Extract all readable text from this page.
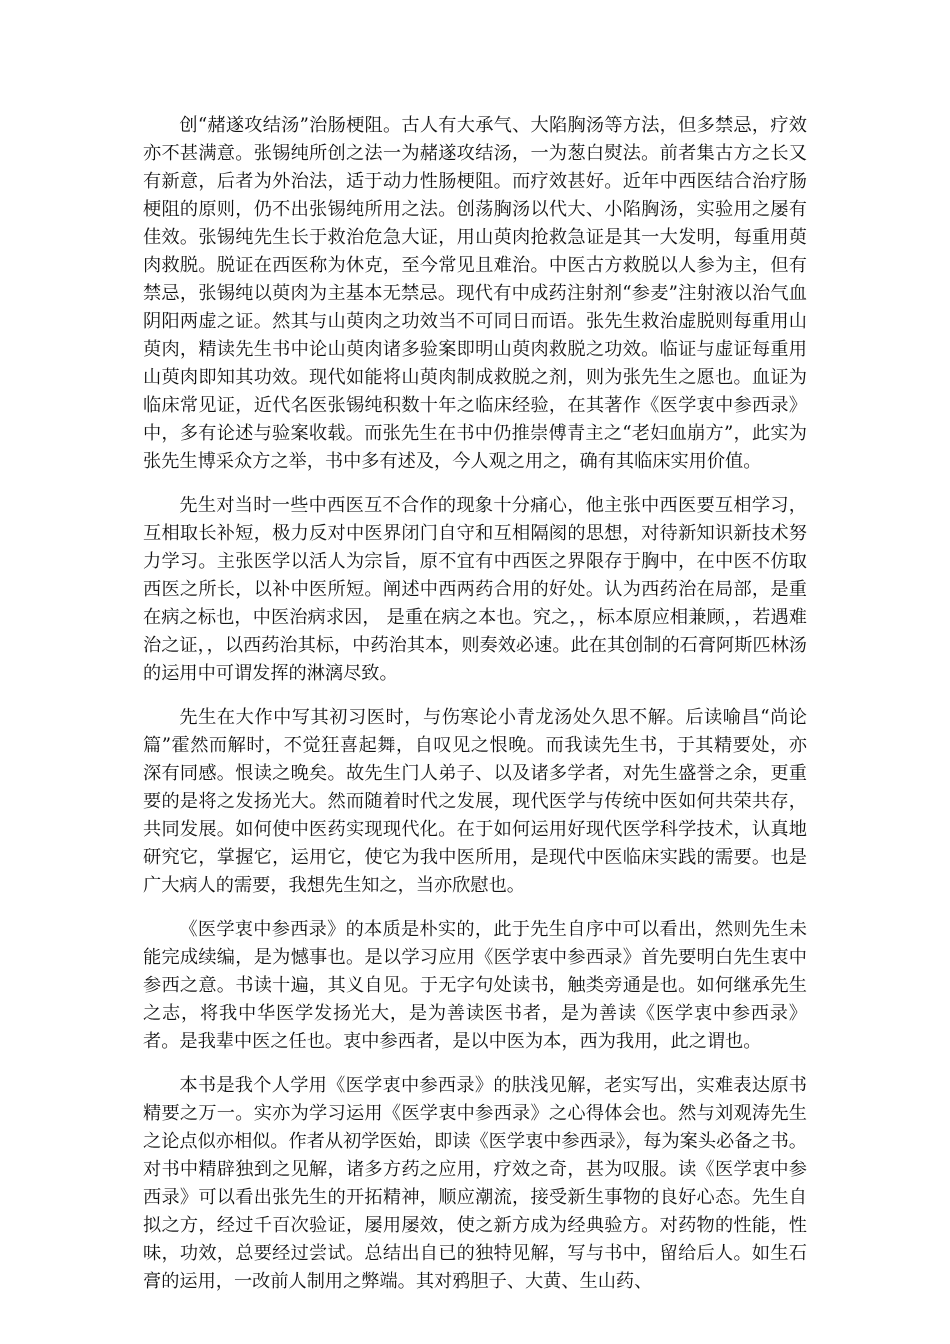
创“赭遂攻结汤”治肠梗阻。古人有大承气、大陷胸汤等方法，但多禁忌，疗效亦不甚满意。张锡纯所创之法一为赭遂攻结汤，一为葱白熨法。前者集古方之长又有新意，后者为外治法，适于动力性肠梗阻。而疗效甚好。近年中西医结合治疗肠梗阻的原则，仍不出张锡纯所用之法。创荡胸汤以代大、小陷胸汤，实验用之屡有佳效。张锡纯先生长于救治危急大证，用山萸肉抢救急证是其一大发明，每重用萸肉救脱。脱证在西医称为休克，至今常见且难治。中医古方救脱以人参为主，但有禁忌，张锡纯以萸肉为主基本无禁忌。现代有中成药注射剂“参麦”注射液以治气血阴阳两虚之证。然其与山萸肉之功效当不可同日而语。张先生救治虚脱则每重用山萸肉，精读先生书中论山萸肉诸多验案即明山萸肉救脱之功效。临证与虚证每重用山萸肉即知其功效。现代如能将山萸肉制成救脱之剂，则为张先生之愿也。血证为临床常见证，近代名医张锡纯积数十年之临床经验，在其著作《医学衷中参西录》中，多有论述与验案收载。而张先生在书中仍推崇傅青主之“老妇血崩方”，此实为张先生博采众方之举，书中多有述及，今人观之用之，确有其临床实用价值。

先生对当时一些中西医互不合作的现象十分痛心，他主张中西医要互相学习，互相取长补短，极力反对中医界闭门自守和互相隔阂的思想，对待新知识新技术努力学习。主张医学以活人为宗旨，原不宜有中西医之界限存于胸中，在中医不仿取西医之所长，以补中医所短。阐述中西两药合用的好处。认为西药治在局部，是重在病之标也，中医治病求因， 是重在病之本也。究之，，标本原应相兼顾，，若遇难治之证，，以西药治其标，中药治其本，则奏效必速。此在其创制的石膏阿斯匹林汤的运用中可谓发挥的淋漓尽致。

先生在大作中写其初习医时，与伤寒论小青龙汤处久思不解。后读喻昌“尚论篇”霍然而解时，不觉狂喜起舞，自叹见之恨晚。而我读先生书，于其精要处，亦深有同感。恨读之晚矣。故先生门人弟子、以及诸多学者，对先生盛誉之余，更重要的是将之发扬光大。然而随着时代之发展，现代医学与传统中医如何共荣共存，共同发展。如何使中医药实现现代化。在于如何运用好现代医学科学技术，认真地研究它，掌握它，运用它，使它为我中医所用，是现代中医临床实践的需要。也是广大病人的需要，我想先生知之，当亦欣慰也。

《医学衷中参西录》的本质是朴实的，此于先生自序中可以看出，然则先生未能完成续编，是为憾事也。是以学习应用《医学衷中参西录》首先要明白先生衷中参西之意。书读十遍，其义自见。于无字句处读书，触类旁通是也。如何继承先生之志，将我中华医学发扬光大，是为善读医书者，是为善读《医学衷中参西录》者。是我辈中医之任也。衷中参西者，是以中医为本，西为我用，此之谓也。

本书是我个人学用《医学衷中参西录》的肤浅见解，老实写出，实难表达原书精要之万一。实亦为学习运用《医学衷中参西录》之心得体会也。然与刘观涛先生之论点似亦相似。作者从初学医始，即读《医学衷中参西录》，每为案头必备之书。对书中精辟独到之见解，诸多方药之应用，疗效之奇，甚为叹服。读《医学衷中参西录》可以看出张先生的开拓精神，顺应潮流，接受新生事物的良好心态。先生自拟之方，经过千百次验证，屡用屡效，使之新方成为经典验方。对药物的性能，性味，功效，总要经过尝试。总结出自已的独特见解，写与书中，留给后人。如生石膏的运用，一改前人制用之弊端。其对鸦胆子、大黄、生山药、
